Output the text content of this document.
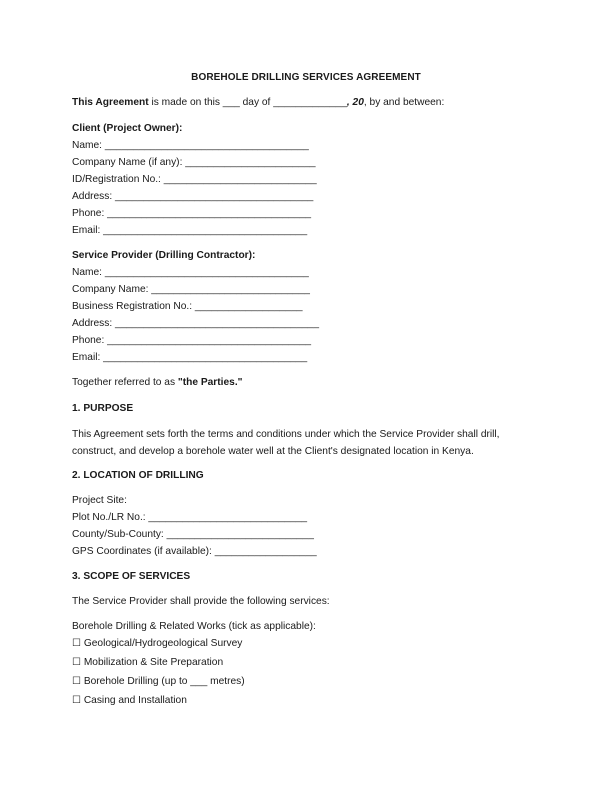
BOREHOLE DRILLING SERVICES AGREEMENT
This Agreement is made on this ___ day of _____________, 20, by and between:
Client (Project Owner):
Name: ____________________________________
Company Name (if any): _______________________
ID/Registration No.: ___________________________
Address: ___________________________________
Phone: ____________________________________
Email: ____________________________________
Service Provider (Drilling Contractor):
Name: ____________________________________
Company Name: ____________________________
Business Registration No.: ___________________
Address: ____________________________________
Phone: ____________________________________
Email: ____________________________________
Together referred to as "the Parties."
1. PURPOSE
This Agreement sets forth the terms and conditions under which the Service Provider shall drill, construct, and develop a borehole water well at the Client's designated location in Kenya.
2. LOCATION OF DRILLING
Project Site:
Plot No./LR No.: ____________________________
County/Sub-County: __________________________
GPS Coordinates (if available): __________________
3. SCOPE OF SERVICES
The Service Provider shall provide the following services:
Borehole Drilling & Related Works (tick as applicable):
☐ Geological/Hydrogeological Survey
☐ Mobilization & Site Preparation
☐ Borehole Drilling (up to ___ metres)
☐ Casing and Installation
